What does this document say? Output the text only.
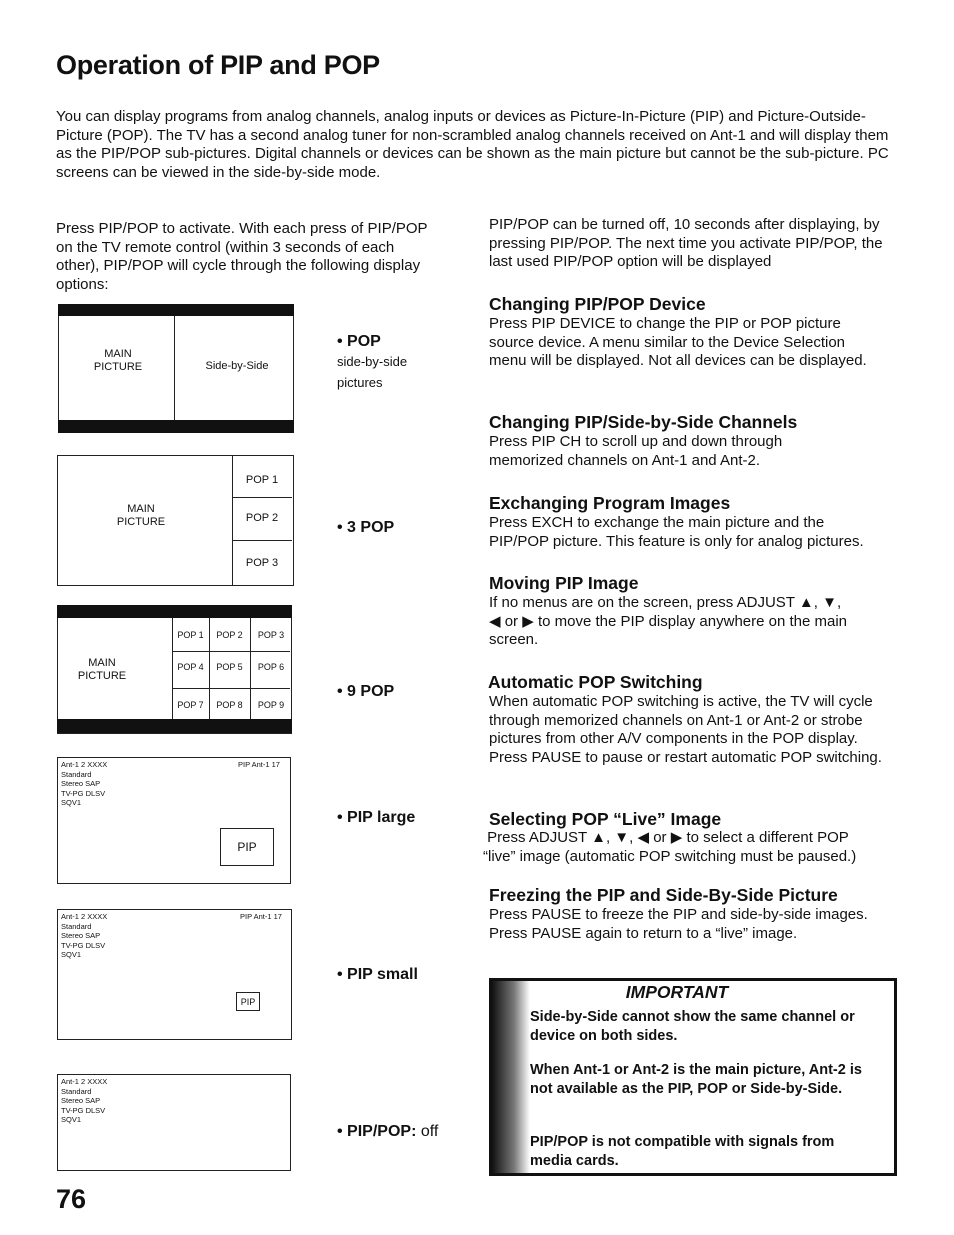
Operation of PIP and POP

You can display programs from analog channels, analog inputs or devices as Picture-In-Picture (PIP) and Picture-Outside-Picture (POP). The TV has a second analog tuner for non-scrambled analog channels received on Ant-1 and will display them as the PIP/POP sub-pictures. Digital channels or devices can be shown as the main picture but cannot be the sub-picture. PC screens can be viewed in the side-by-side mode.

Press PIP/POP to activate. With each press of PIP/POP on the TV remote control (within 3 seconds of each other), PIP/POP will cycle through the following display options:

PIP/POP can be turned off, 10 seconds after displaying, by pressing PIP/POP. The next time you activate PIP/POP, the last used PIP/POP option will be displayed

MAIN
PICTURE	Side-by-Side
MAIN
PICTURE
POP 1
POP 2
POP 3
MAIN
PICTURE
POP 1	POP 2	POP 3
POP 4	POP 5	POP 6
POP 7	POP 8	POP 9
Ant-1 2 XXXX
Standard
Stereo SAP
TV-PG DLSV
SQV1
PIP Ant-1 17
PIP
Ant-1 2 XXXX
Standard
Stereo SAP
TV-PG DLSV
SQV1
PIP Ant-1 17
PIP
Ant-1 2 XXXX
Standard
Stereo SAP
TV-PG DLSV
SQV1
• POP
side-by-side
pictures
• 3 POP
• 9 POP
• PIP large
• PIP small
• PIP/POP: off
Changing PIP/POP Device

Press PIP DEVICE to change the PIP or POP picture source device. A menu similar to the Device Selection menu will be displayed. Not all devices can be displayed.

Changing PIP/Side-by-Side Channels

Press PIP CH to scroll up and down through memorized channels on Ant-1 and Ant-2.

Exchanging Program Images

Press EXCH to exchange the main picture and the PIP/POP picture. This feature is only for analog pictures.

Moving PIP Image

If no menus are on the screen, press ADJUST ▲, ▼,
◀ or ▶ to move the PIP display anywhere on the main screen.

Automatic POP Switching

When automatic POP switching is active, the TV will cycle through memorized channels on Ant-1 or Ant-2 or strobe pictures from other A/V components in the POP display. Press PAUSE to pause or restart automatic POP switching.

Selecting POP “Live” Image

Press ADJUST ▲, ▼, ◀ or ▶ to select a different POP
“live” image (automatic POP switching must be paused.)

Freezing the PIP and Side-By-Side Picture

Press PAUSE to freeze the PIP and side-by-side images. Press PAUSE again to return to a “live” image.

IMPORTANT

Side-by-Side cannot show the same channel or device on both sides.

When Ant-1 or Ant-2 is the main picture, Ant-2 is not available as the PIP, POP or Side-by-Side.

PIP/POP is not compatible with signals from media cards.

76
